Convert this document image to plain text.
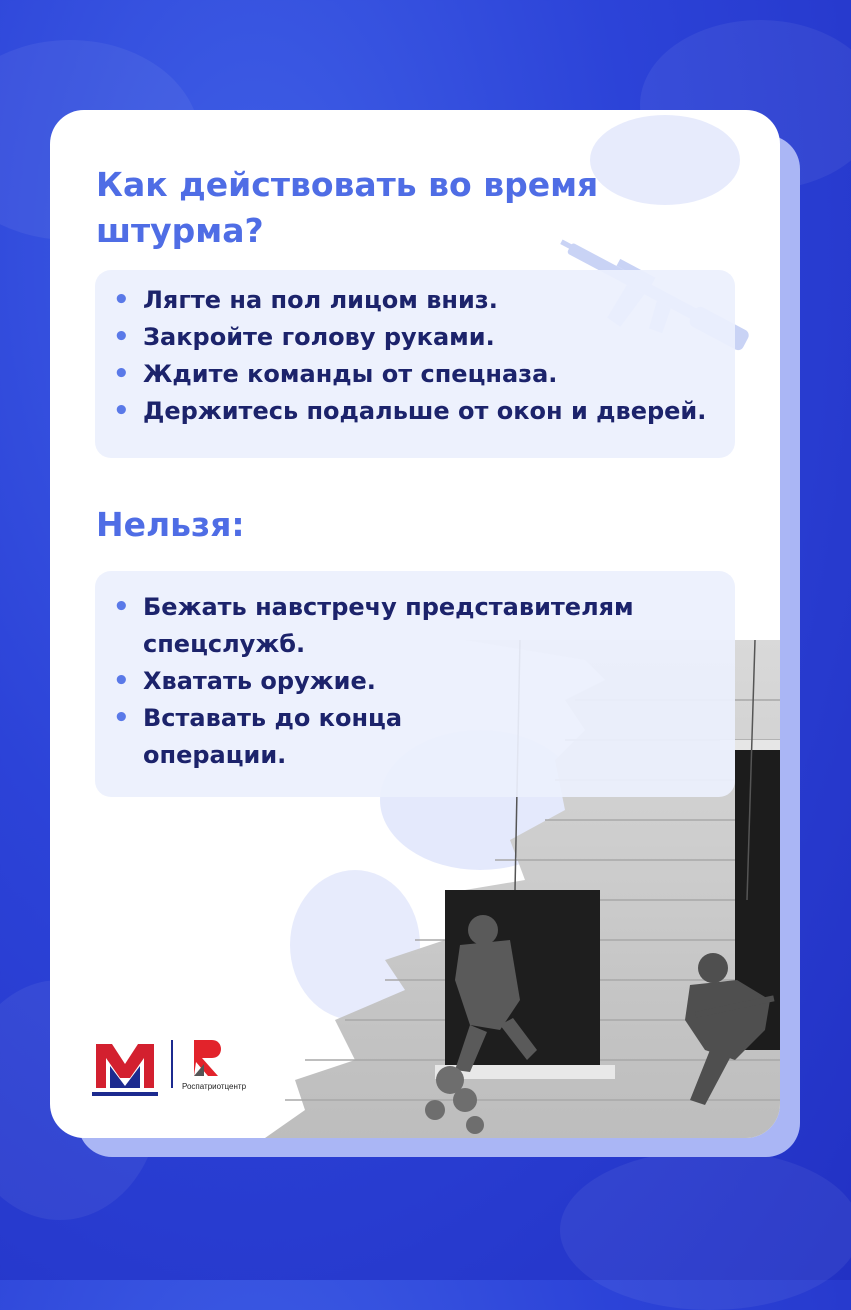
Как действовать во время штурма?
• Лягте на пол лицом вниз.
• Закройте голову руками.
• Ждите команды от спецназа.
• Держитесь подальше от окон и дверей.
Нельзя:
• Бежать навстречу представителям спецслужб.
• Хватать оружие.
• Вставать до конца операции.

Роспатриотцентр
